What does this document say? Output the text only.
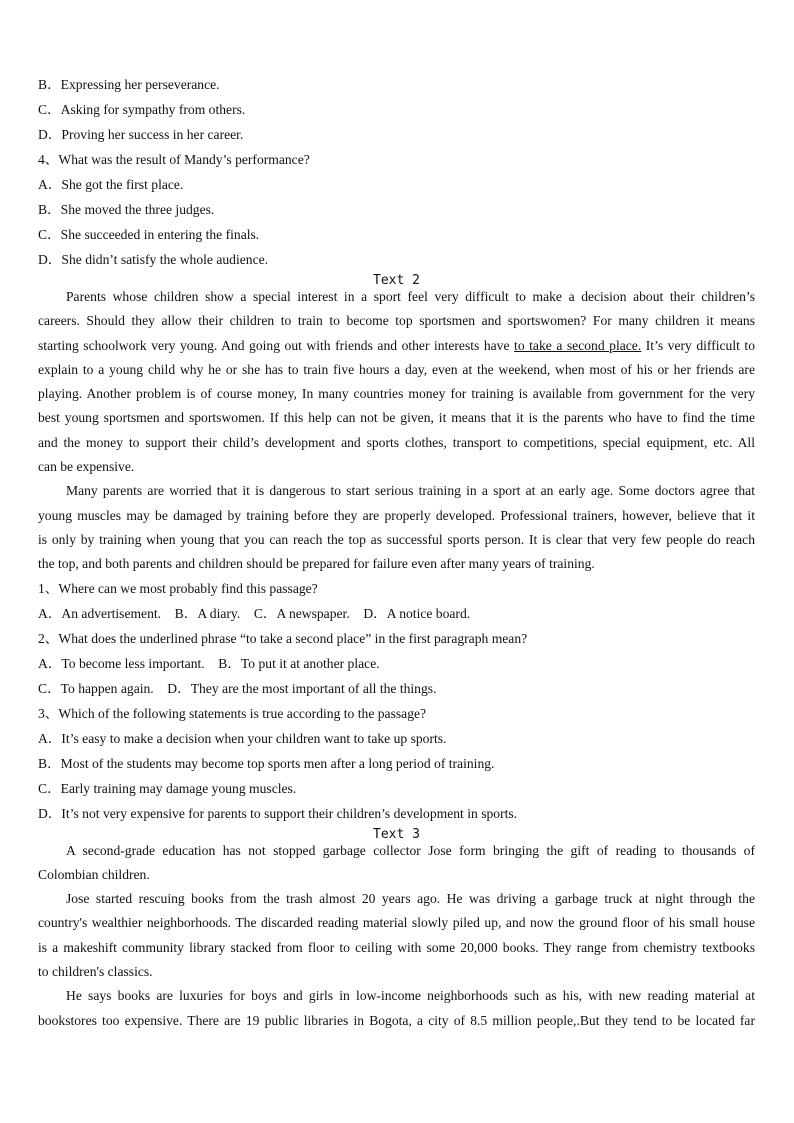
B．Expressing her perseverance.
C．Asking for sympathy from others.
D．Proving her success in her career.
4、What was the result of Mandy’s performance?
A．She got the first place.
B．She moved the three judges.
C．She succeeded in entering the finals.
D．She didn’t satisfy the whole audience.
Text 2
Parents whose children show a special interest in a sport feel very difficult to make a decision about their children’s
careers. Should they allow their children to train to become top sportsmen and sportswomen? For many children it means
starting schoolwork very young. And going out with friends and other interests have to take a second place. It’s very difficult to
explain to a young child why he or she has to train five hours a day, even at the weekend, when most of his or her friends are
playing. Another problem is of course money, In many countries money for training is available from government for the very
best young sportsmen and sportswomen. If this help can not be given, it means that it is the parents who have to find the time
and the money to support their child’s development and sports clothes, transport to competitions, special equipment, etc. All
can be expensive.
Many parents are worried that it is dangerous to start serious training in a sport at an early age. Some doctors agree that
young muscles may be damaged by training before they are properly developed. Professional trainers, however, believe that it
is only by training when young that you can reach the top as successful sports person. It is clear that very few people do reach
the top, and both parents and children should be prepared for failure even after many years of training.
1、Where can we most probably find this passage?
A．An advertisement.　B．A diary.　C．A newspaper.　D．A notice board.
2、What does the underlined phrase “to take a second place” in the first paragraph mean?
A．To become less important.　B．To put it at another place.
C．To happen again.　D．They are the most important of all the things.
3、Which of the following statements is true according to the passage?
A．It’s easy to make a decision when your children want to take up sports.
B．Most of the students may become top sports men after a long period of training.
C．Early training may damage young muscles.
D．It’s not very expensive for parents to support their children’s development in sports.
Text 3
A second-grade education has not stopped garbage collector Jose form bringing the gift of reading to thousands of
Colombian children.
Jose started rescuing books from the trash almost 20 years ago. He was driving a garbage truck at night through the
country's wealthier neighborhoods. The discarded reading material slowly piled up, and now the ground floor of his small house
is a makeshift community library stacked from floor to ceiling with some 20,000 books. They range from chemistry textbooks
to children's classics.
He says books are luxuries for boys and girls in low-income neighborhoods such as his, with new reading material at
bookstores too expensive. There are 19 public libraries in Bogota, a city of 8.5 million people,.But they tend to be located far
